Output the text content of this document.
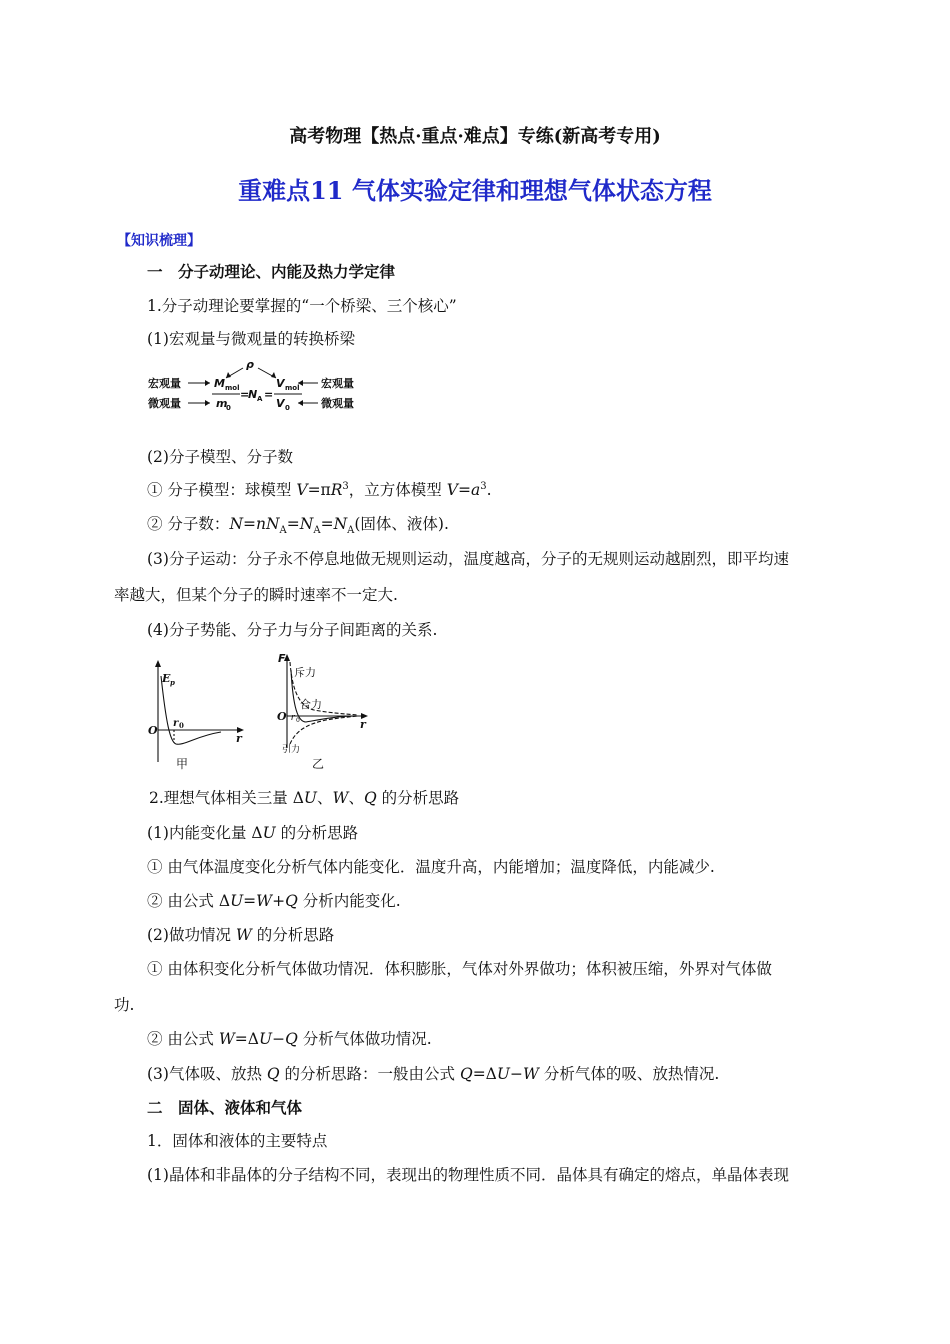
高考物理【热点·重点·难点】专练(新高考专用)
重难点11 气体实验定律和理想气体状态方程
【知识梳理】
一　分子动理论、内能及热力学定律
1.分子动理论要掌握的“一个桥梁、三个核心”
(1)宏观量与微观量的转换桥梁
宏观量
微观量
宏观量
微观量
ρ
M mol
m
0
=
N A =
V mol
V 0
(2)分子模型、分子数
① 分子模型：球模型 $V=\pi R^3$，立方体模型 $V=a^3$.
② 分子数：$N=nN_A=N_A=N_A$(固体、液体).
(3)分子运动：分子永不停息地做无规则运动，温度越高，分子的无规则运动越剧烈，即平均速
率越大，但某个分子的瞬时速率不一定大.
(4)分子势能、分子力与分子间距离的关系.
E p
O
r 0
r
甲
F
O
r
r 0
斥力
合力
引力
乙
2.理想气体相关三量 ΔU、W、Q 的分析思路
(1)内能变化量 ΔU 的分析思路
① 由气体温度变化分析气体内能变化．温度升高，内能增加；温度降低，内能减少.
② 由公式 ΔU=W+Q 分析内能变化.
(2)做功情况 W 的分析思路
① 由体积变化分析气体做功情况．体积膨胀，气体对外界做功；体积被压缩，外界对气体做
功.
② 由公式 W=ΔU−Q 分析气体做功情况.
(3)气体吸、放热 Q 的分析思路：一般由公式 Q=ΔU−W 分析气体的吸、放热情况.
二　固体、液体和气体
1．固体和液体的主要特点
(1)晶体和非晶体的分子结构不同，表现出的物理性质不同．晶体具有确定的熔点，单晶体表现
